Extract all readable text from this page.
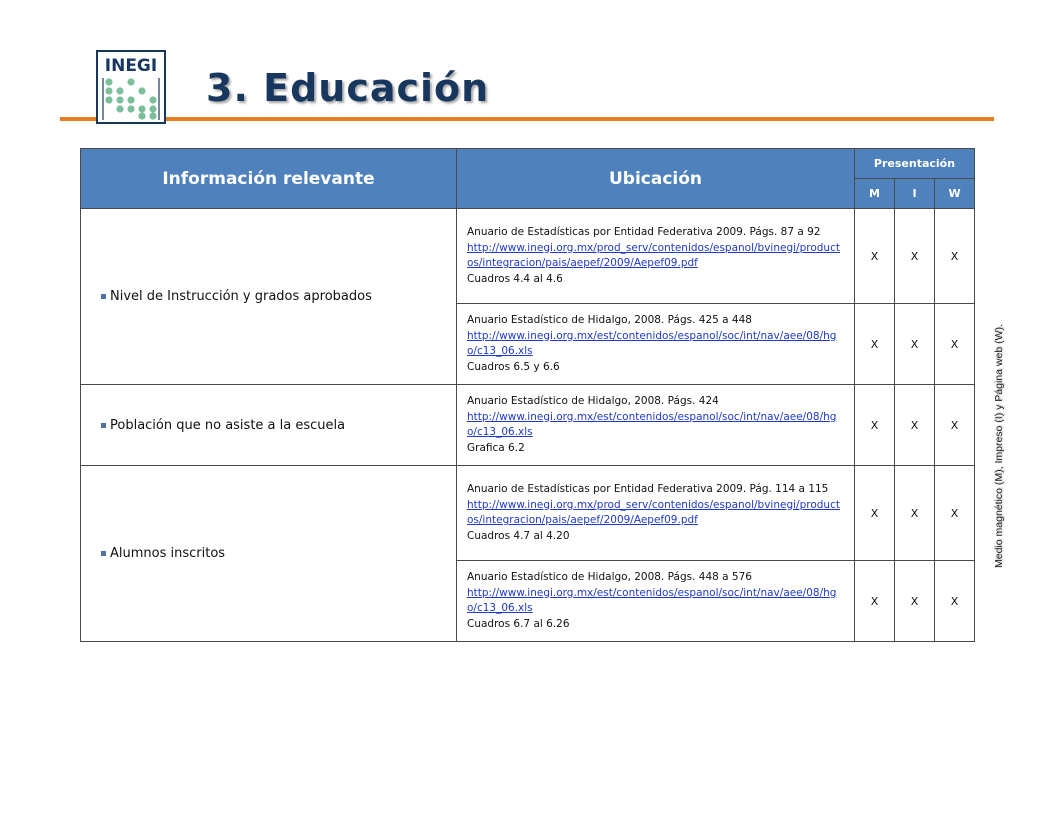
INEGI 3. Educación
Información relevante	Ubicación	Presentación		
		M	I	W
Nivel de Instrucción y grados aprobados	Anuario de Estadísticas por Entidad Federativa 2009. Págs. 87 a 92
http://www.inegi.org.mx/prod_serv/contenidos/espanol/bvinegi/productos/integracion/pais/aepef/2009/Aepef09.pdf
Cuadros 4.4 al 4.6	X	X	X

	Anuario Estadístico de Hidalgo, 2008. Págs. 425 a 448
http://www.inegi.org.mx/est/contenidos/espanol/soc/int/nav/aee/08/hgo/c13_06.xls
Cuadros 6.5 y 6.6	X	X	X
Población que no asiste a la escuela	Anuario Estadístico de Hidalgo, 2008. Págs. 424
http://www.inegi.org.mx/est/contenidos/espanol/soc/int/nav/aee/08/hgo/c13_06.xls
Grafica 6.2	X	X	X
Alumnos inscritos	Anuario de Estadísticas por Entidad Federativa 2009. Pág. 114 a 115
http://www.inegi.org.mx/prod_serv/contenidos/espanol/bvinegi/productos/integracion/pais/aepef/2009/Aepef09.pdf
Cuadros 4.7 al 4.20	X	X	X

	Anuario Estadístico de Hidalgo, 2008. Págs. 448 a 576
http://www.inegi.org.mx/est/contenidos/espanol/soc/int/nav/aee/08/hgo/c13_06.xls
Cuadros 6.7 al 6.26	X	X	X
Medio magnético (M), Impreso (I) y Página web (W).
